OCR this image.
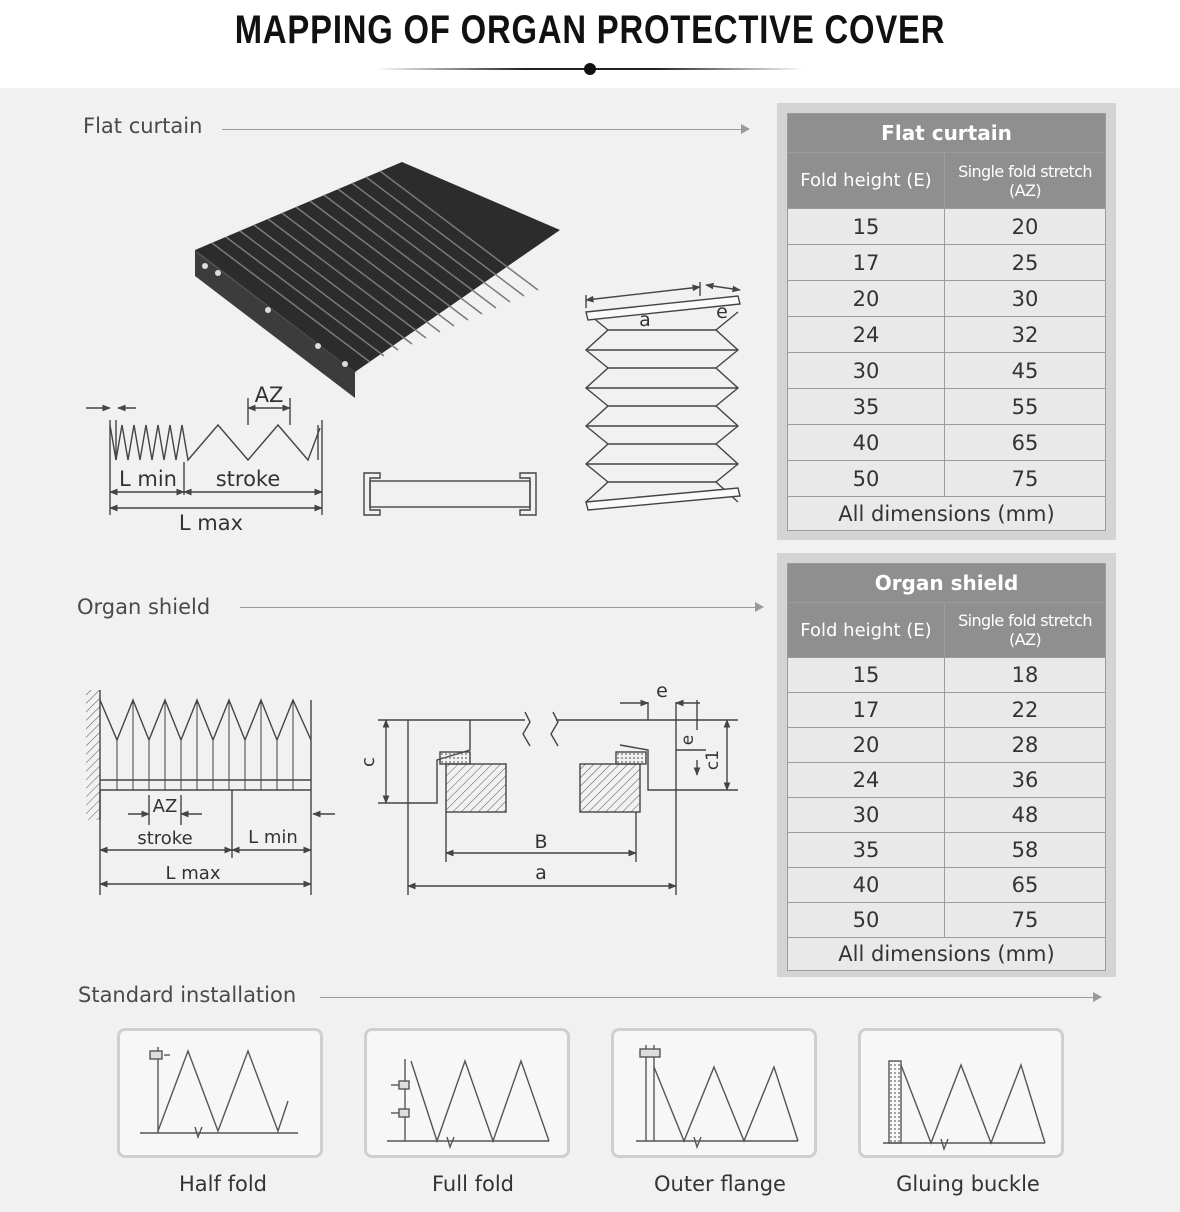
MAPPING OF ORGAN PROTECTIVE COVER
Flat curtain
Organ shield
Standard installation
Flat curtain	
Fold height (E)	Single fold stretch (AZ)
15	20
17	25
20	30
24	32
30	45
35	55
40	65
50	75
All dimensions (mm)	
Organ shield	
Fold height (E)	Single fold stretch (AZ)
15	18
17	22
20	28
24	36
30	48
35	58
40	65
50	75
All dimensions (mm)	
AZ
L min stroke
L max
a	e
AZ
stroke	L min
L max
e
e
c	c1
B
a
Half fold	Full fold	Outer flange	Gluing buckle
